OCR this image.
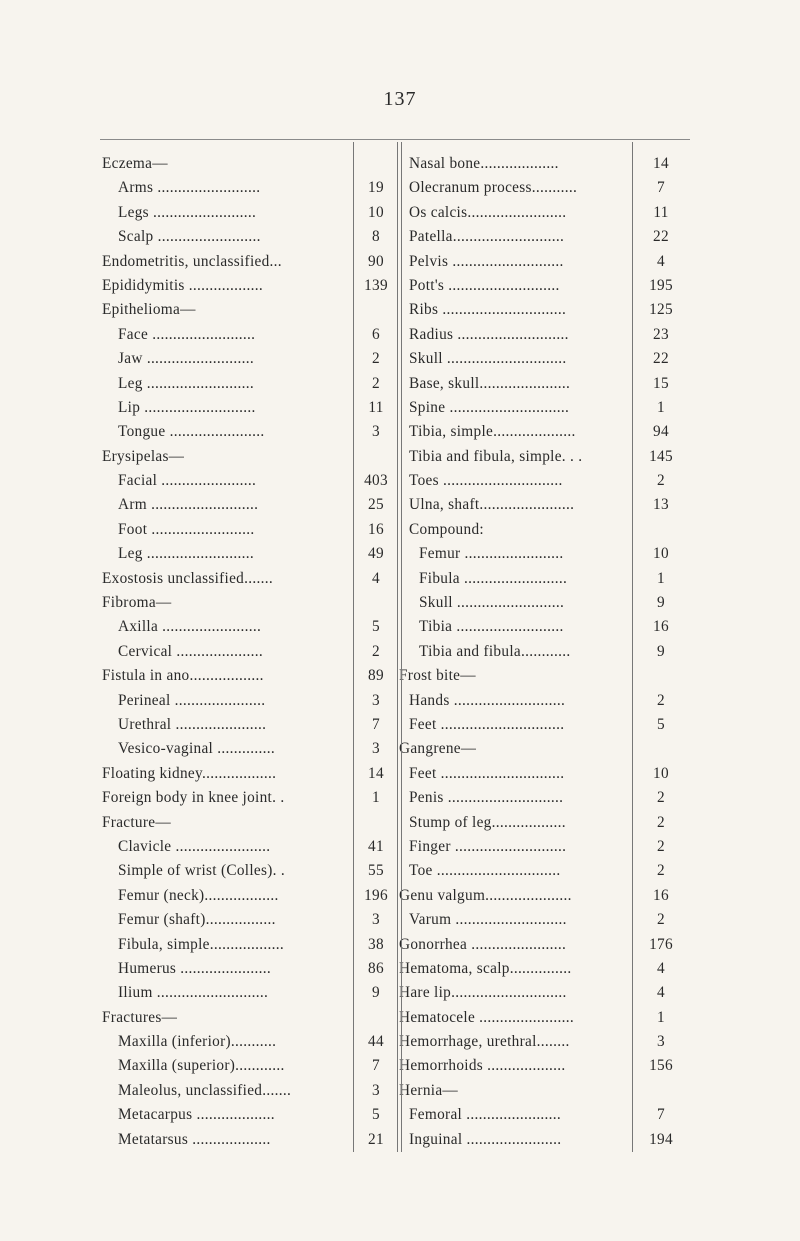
137
Eczema—
Arms .........................	19
Legs .........................	10
Scalp .........................	8
Endometritis, unclassified...	90
Epididymitis ..................	139
Epithelioma—
Face .........................	6
Jaw ..........................	2
Leg ..........................	2
Lip ...........................	11
Tongue .......................	3
Erysipelas—
Facial .......................	403
Arm ..........................	25
Foot .........................	16
Leg ..........................	49
Exostosis unclassified.......	4
Fibroma—
Axilla ........................	5
Cervical .....................	2
Fistula in ano..................	89
Perineal ......................	3
Urethral ......................	7
Vesico-vaginal ..............	3
Floating kidney..................	14
Foreign body in knee joint. .	1
Fracture—
Clavicle .......................	41
Simple of wrist (Colles). .	55
Femur (neck)..................	196
Femur (shaft).................	3
Fibula, simple..................	38
Humerus ......................	86
Ilium ...........................	9
Fractures—
Maxilla (inferior)...........	44
Maxilla (superior)............	7
Maleolus, unclassified.......	3
Metacarpus ...................	5
Metatarsus ...................	21
Nasal bone...................	14
Olecranum process...........	7
Os calcis........................	11
Patella...........................	22
Pelvis ...........................	4
Pott's ...........................	195
Ribs ..............................	125
Radius ...........................	23
Skull .............................	22
Base, skull......................	15
Spine .............................	1
Tibia, simple....................	94
Tibia and fibula, simple. . .	145
Toes .............................	2
Ulna, shaft.......................	13
Compound:
Femur ........................	10
Fibula .........................	1
Skull ..........................	9
Tibia ..........................	16
Tibia and fibula............	9
Frost bite—
Hands ...........................	2
Feet ..............................	5
Gangrene—
Feet ..............................	10
Penis ............................	2
Stump of leg..................	2
Finger ...........................	2
Toe ..............................	2
Genu valgum.....................	16
Varum ...........................	2
Gonorrhea .......................	176
Hematoma, scalp...............	4
Hare lip............................	4
Hematocele .......................	1
Hemorrhage, urethral........	3
Hemorrhoids ...................	156
Hernia—
Femoral .......................	7
Inguinal .......................	194
